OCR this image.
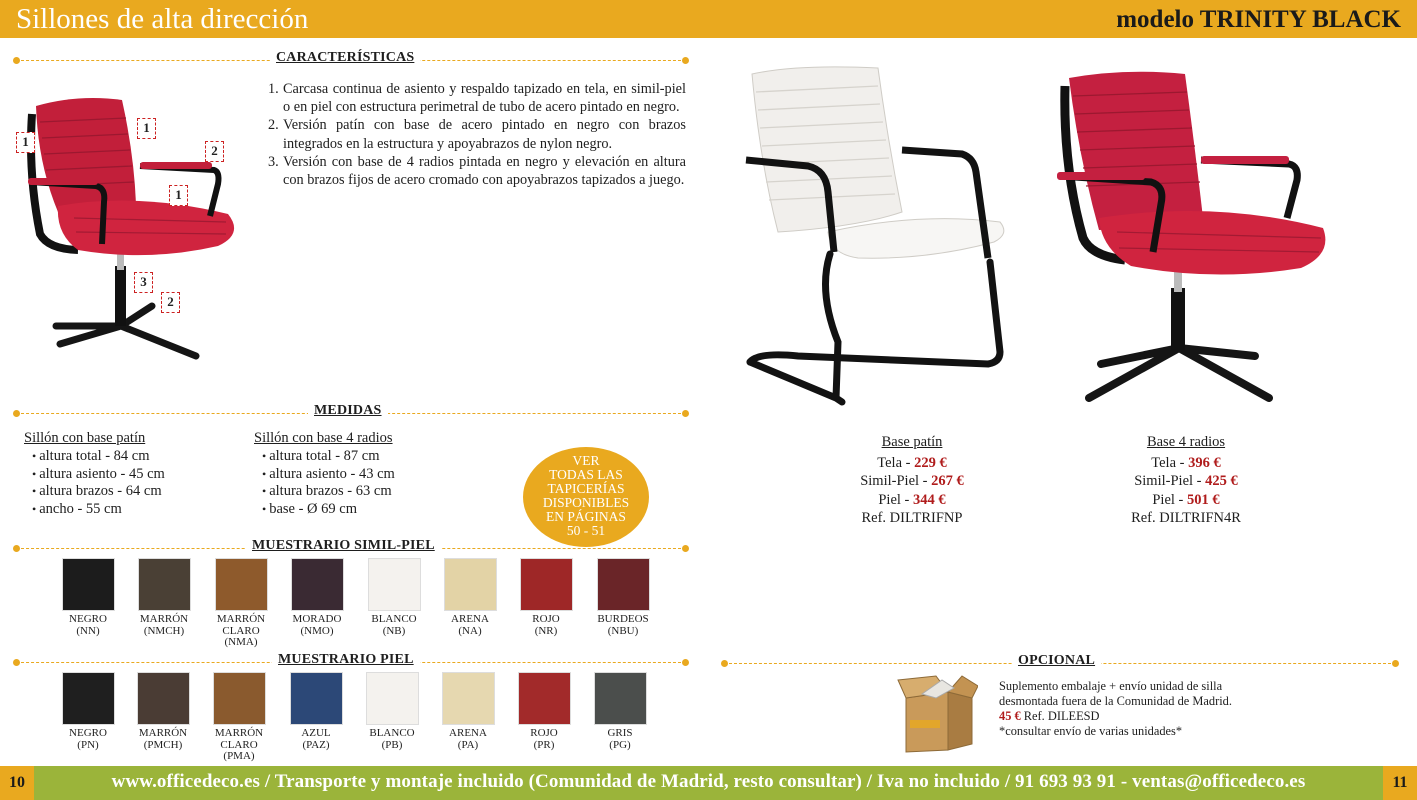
Sillones de alta dirección	modelo TRINITY BLACK
CARACTERÍSTICAS
1
1
2
1
3
2
1. Carcasa continua de asiento y respaldo tapizado en tela, en simil-piel o en piel con estructura perimetral de tubo de acero pintado en negro.
2. Versión patín con base de acero pintado en negro con brazos integrados en la estructura y apoyabrazos de nylon negro.
3. Versión con base de 4 radios pintada en negro y elevación en altura con brazos fijos de acero cromado con apoyabrazos tapizados a juego.
MEDIDAS
Sillón con base patín
• altura total - 84 cm
• altura asiento - 45 cm
• altura brazos - 64 cm
• ancho - 55 cm
Sillón con base 4 radios
• altura total - 87 cm
• altura asiento - 43 cm
• altura brazos - 63 cm
• base - Ø 69 cm
VER
TODAS LAS
TAPICERÍAS
DISPONIBLES
EN PÁGINAS
50 - 51
MUESTRARIO SIMIL-PIEL
NEGRO
(NN)
MARRÓN
(NMCH)
MARRÓN CLARO
(NMA)
MORADO
(NMO)
BLANCO
(NB)
ARENA
(NA)
ROJO
(NR)
BURDEOS
(NBU)
MUESTRARIO PIEL
NEGRO
(PN)
MARRÓN
(PMCH)
MARRÓN CLARO
(PMA)
AZUL
(PAZ)
BLANCO
(PB)
ARENA
(PA)
ROJO
(PR)
GRIS
(PG)
Base patín
Tela - 229 €
Simil-Piel - 267 €
Piel - 344 €
Ref. DILTRIFNP
Base 4 radios
Tela - 396 €
Simil-Piel - 425 €
Piel - 501 €
Ref. DILTRIFN4R
OPCIONAL
Suplemento embalaje + envío unidad de silla desmontada fuera de la Comunidad de Madrid. 45 € Ref. DILEESD
*consultar envío de varias unidades*
www.officedeco.es / Transporte y montaje incluido (Comunidad de Madrid, resto consultar) / Iva no incluido / 91 693 93 91 - ventas@officedeco.es
10	11
